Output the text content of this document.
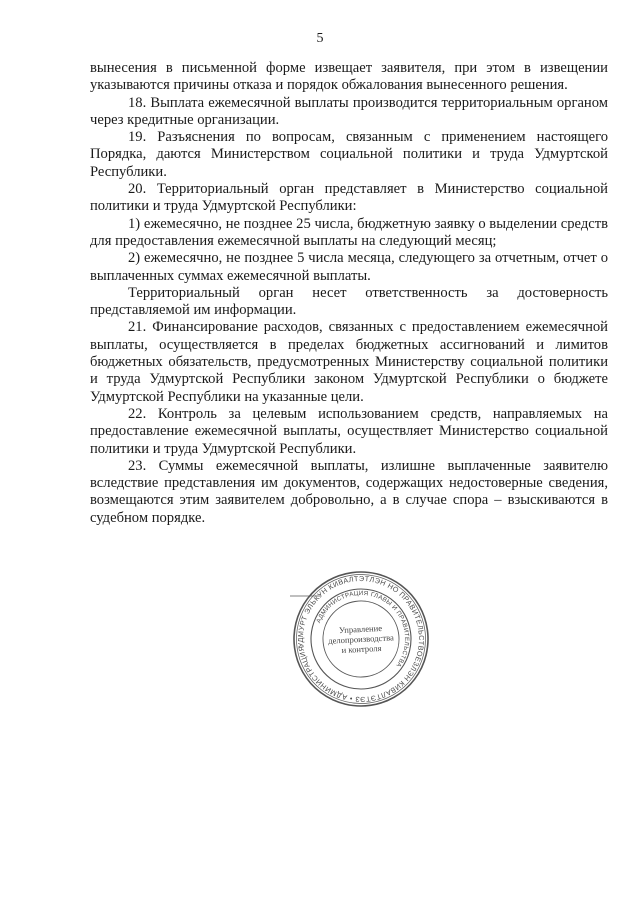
5

вынесения в письменной форме извещает заявителя, при этом в извещении указываются причины отказа и порядок обжалования вынесенного решения.

18. Выплата ежемесячной выплаты производится территориальным органом через кредитные организации.

19. Разъяснения по вопросам, связанным с применением настоящего Порядка, даются Министерством социальной политики и труда Удмуртской Республики.

20. Территориальный орган представляет в Министерство социальной политики и труда Удмуртской Республики:

1) ежемесячно, не позднее 25 числа, бюджетную заявку о выделении средств для предоставления ежемесячной выплаты на следующий месяц;

2) ежемесячно, не позднее 5 числа месяца, следующего за отчетным, отчет о выплаченных суммах ежемесячной выплаты.

Территориальный орган несет ответственность за достоверность представляемой им информации.

21. Финансирование расходов, связанных с предоставлением ежемесячной выплаты, осуществляется в пределах бюджетных ассигнований и лимитов бюджетных обязательств, предусмотренных Министерству социальной политики и труда Удмуртской Республики законом Удмуртской Республики о бюджете Удмуртской Республики на указанные цели.

22. Контроль за целевым использованием средств, направляемых на предоставление ежемесячной выплаты, осуществляет Министерство социальной политики и труда Удмуртской Республики.

23. Суммы ежемесячной выплаты, излишне выплаченные заявителю вследствие представления им документов, содержащих недостоверные сведения, возмещаются этим заявителем добровольно, а в случае спора – взыскиваются в судебном порядке.

УДМУРТ ЭЛЬКУН КИВАЛТЭТЛЭН НО ПРАВИТЕЛЬСТВОЕЗЛЭН КИВАЛТЭТЭЗ • АДМИНИСТРАЦИЯ
АДМИНИСТРАЦИЯ ГЛАВЫ И ПРАВИТЕЛЬСТВА
Управление
делопроизводства
и контроля
